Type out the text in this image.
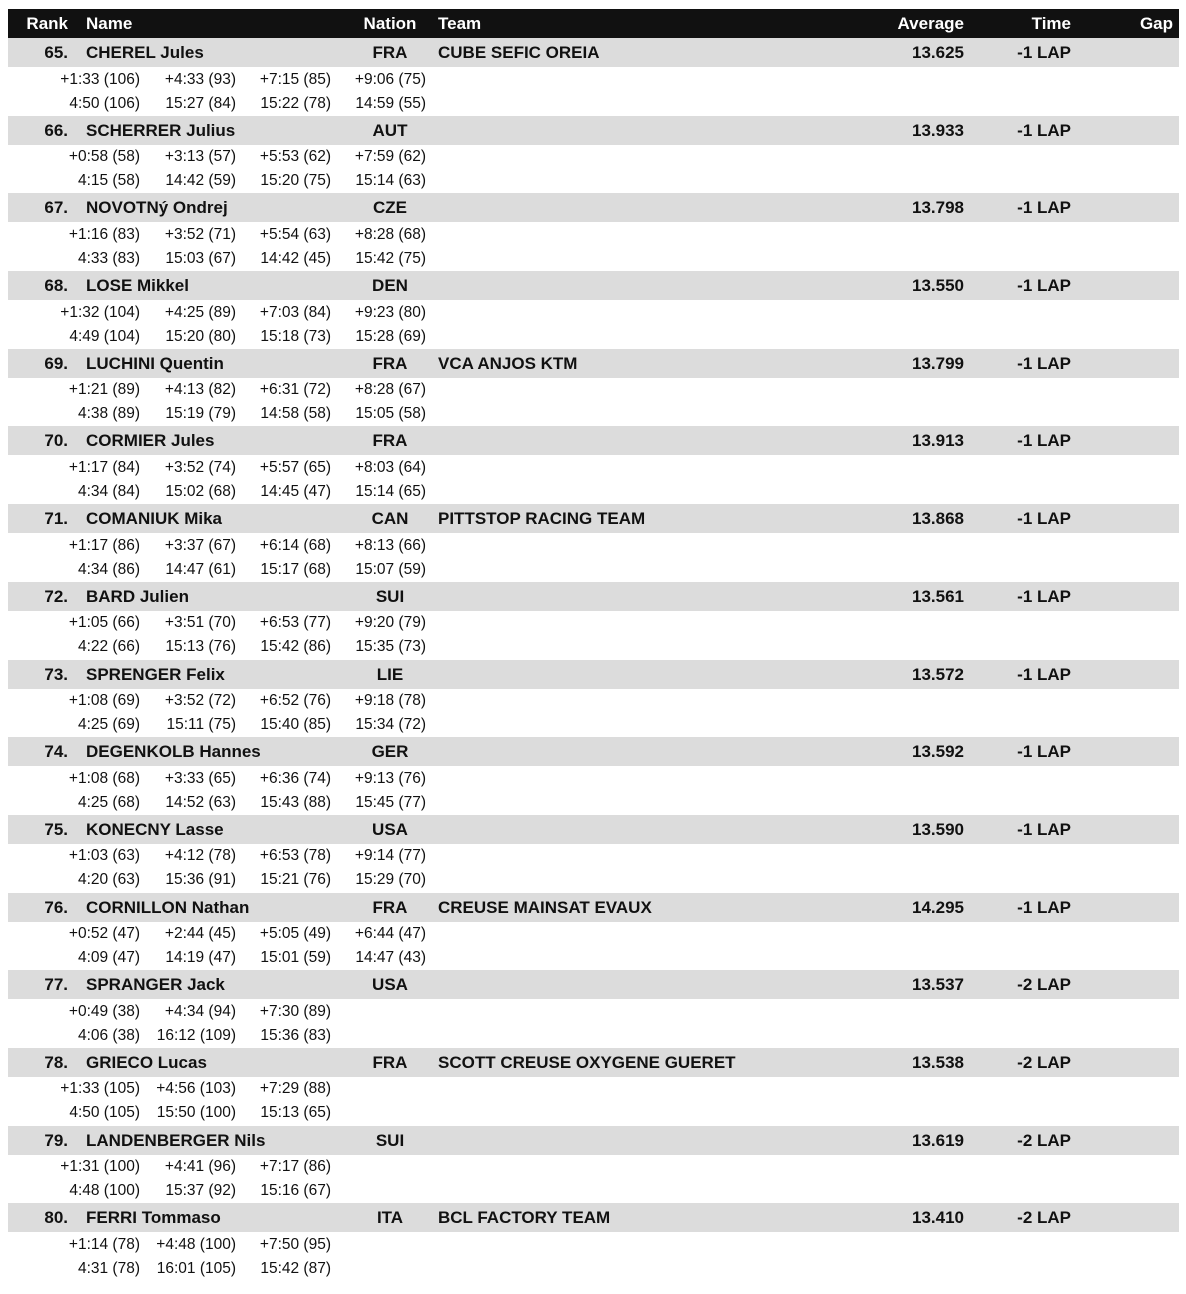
Rank Name	Nation	Team	Average	Time	Gap
65. CHEREL Jules	FRA	CUBE SEFIC OREIA	13.625	-1 LAP
+1:33 (106)	+4:33 (93)	+7:15 (85)	+9:06 (75)
4:50 (106)	15:27 (84)	15:22 (78)	14:59 (55)
66. SCHERRER Julius	AUT	13.933	-1 LAP
+0:58 (58)	+3:13 (57)	+5:53 (62)	+7:59 (62)
4:15 (58)	14:42 (59)	15:20 (75)	15:14 (63)
67. NOVOTNý Ondrej	CZE	13.798	-1 LAP
+1:16 (83)	+3:52 (71)	+5:54 (63)	+8:28 (68)
4:33 (83)	15:03 (67)	14:42 (45)	15:42 (75)
68. LOSE Mikkel	DEN	13.550	-1 LAP
+1:32 (104)	+4:25 (89)	+7:03 (84)	+9:23 (80)
4:49 (104)	15:20 (80)	15:18 (73)	15:28 (69)
69. LUCHINI Quentin	FRA	VCA ANJOS KTM	13.799	-1 LAP
+1:21 (89)	+4:13 (82)	+6:31 (72)	+8:28 (67)
4:38 (89)	15:19 (79)	14:58 (58)	15:05 (58)
70. CORMIER Jules	FRA	13.913	-1 LAP
+1:17 (84)	+3:52 (74)	+5:57 (65)	+8:03 (64)
4:34 (84)	15:02 (68)	14:45 (47)	15:14 (65)
71. COMANIUK Mika	CAN	PITTSTOP RACING TEAM	13.868	-1 LAP
+1:17 (86)	+3:37 (67)	+6:14 (68)	+8:13 (66)
4:34 (86)	14:47 (61)	15:17 (68)	15:07 (59)
72. BARD Julien	SUI	13.561	-1 LAP
+1:05 (66)	+3:51 (70)	+6:53 (77)	+9:20 (79)
4:22 (66)	15:13 (76)	15:42 (86)	15:35 (73)
73. SPRENGER Felix	LIE	13.572	-1 LAP
+1:08 (69)	+3:52 (72)	+6:52 (76)	+9:18 (78)
4:25 (69)	15:11 (75)	15:40 (85)	15:34 (72)
74. DEGENKOLB Hannes	GER	13.592	-1 LAP
+1:08 (68)	+3:33 (65)	+6:36 (74)	+9:13 (76)
4:25 (68)	14:52 (63)	15:43 (88)	15:45 (77)
75. KONECNY Lasse	USA	13.590	-1 LAP
+1:03 (63)	+4:12 (78)	+6:53 (78)	+9:14 (77)
4:20 (63)	15:36 (91)	15:21 (76)	15:29 (70)
76. CORNILLON Nathan	FRA	CREUSE MAINSAT EVAUX	14.295	-1 LAP
+0:52 (47)	+2:44 (45)	+5:05 (49)	+6:44 (47)
4:09 (47)	14:19 (47)	15:01 (59)	14:47 (43)
77. SPRANGER Jack	USA	13.537	-2 LAP
+0:49 (38)	+4:34 (94)	+7:30 (89)
4:06 (38)	16:12 (109)	15:36 (83)
78. GRIECO Lucas	FRA	SCOTT CREUSE OXYGENE GUERET	13.538	-2 LAP
+1:33 (105)	+4:56 (103)	+7:29 (88)
4:50 (105)	15:50 (100)	15:13 (65)
79. LANDENBERGER Nils	SUI	13.619	-2 LAP
+1:31 (100)	+4:41 (96)	+7:17 (86)
4:48 (100)	15:37 (92)	15:16 (67)
80. FERRI Tommaso	ITA	BCL FACTORY TEAM	13.410	-2 LAP
+1:14 (78)	+4:48 (100)	+7:50 (95)
4:31 (78)	16:01 (105)	15:42 (87)
